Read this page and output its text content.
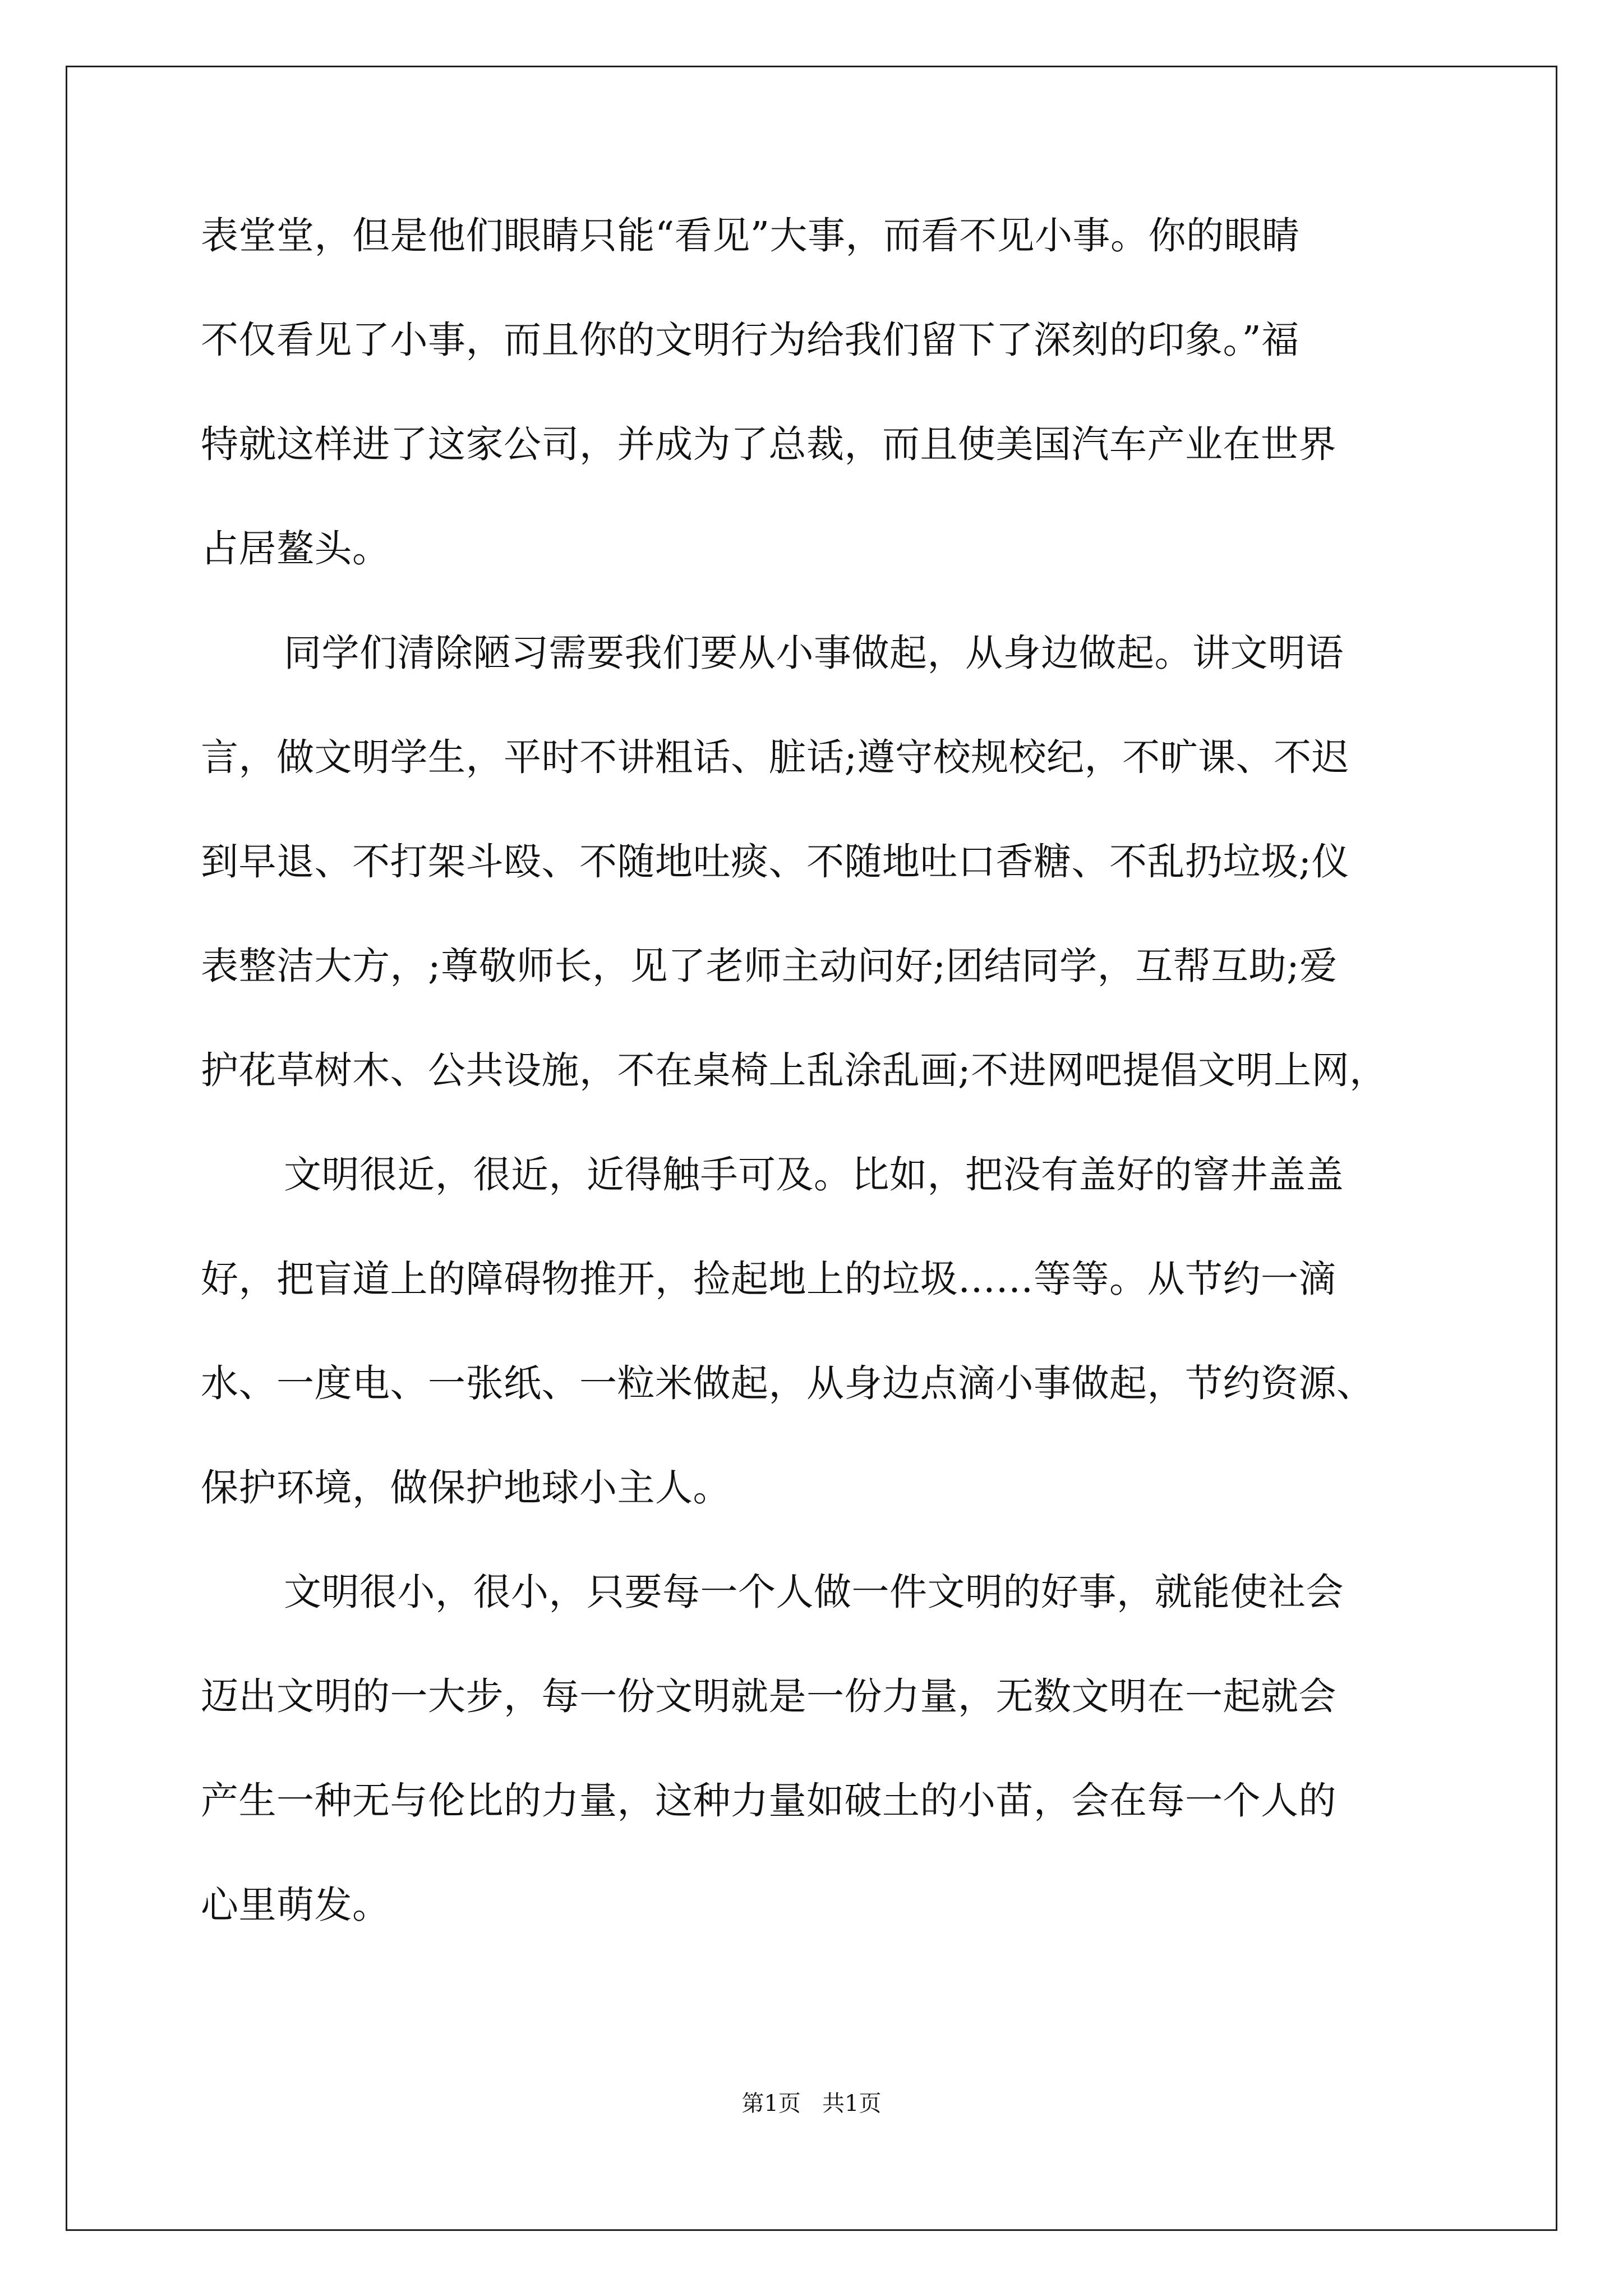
表堂堂，但是他们眼睛只能“看见”大事，而看不见小事。你的眼睛
不仅看见了小事，而且你的文明行为给我们留下了深刻的印象。”福
特就这样进了这家公司，并成为了总裁，而且使美国汽车产业在世界
占居鳌头。
同学们清除陋习需要我们要从小事做起，从身边做起。讲文明语
言，做文明学生，平时不讲粗话、脏话;遵守校规校纪，不旷课、不迟
到早退、不打架斗殴、不随地吐痰、不随地吐口香糖、不乱扔垃圾;仪
表整洁大方，;尊敬师长，见了老师主动问好;团结同学，互帮互助;爱
护花草树木、公共设施，不在桌椅上乱涂乱画;不进网吧提倡文明上网，
文明很近，很近，近得触手可及。比如，把没有盖好的窨井盖盖
好，把盲道上的障碍物推开，捡起地上的垃圾……等等。从节约一滴
水、一度电、一张纸、一粒米做起，从身边点滴小事做起，节约资源、
保护环境，做保护地球小主人。
文明很小，很小，只要每一个人做一件文明的好事，就能使社会
迈出文明的一大步，每一份文明就是一份力量，无数文明在一起就会
产生一种无与伦比的力量，这种力量如破土的小苗，会在每一个人的
心里萌发。
第1页   共1页
